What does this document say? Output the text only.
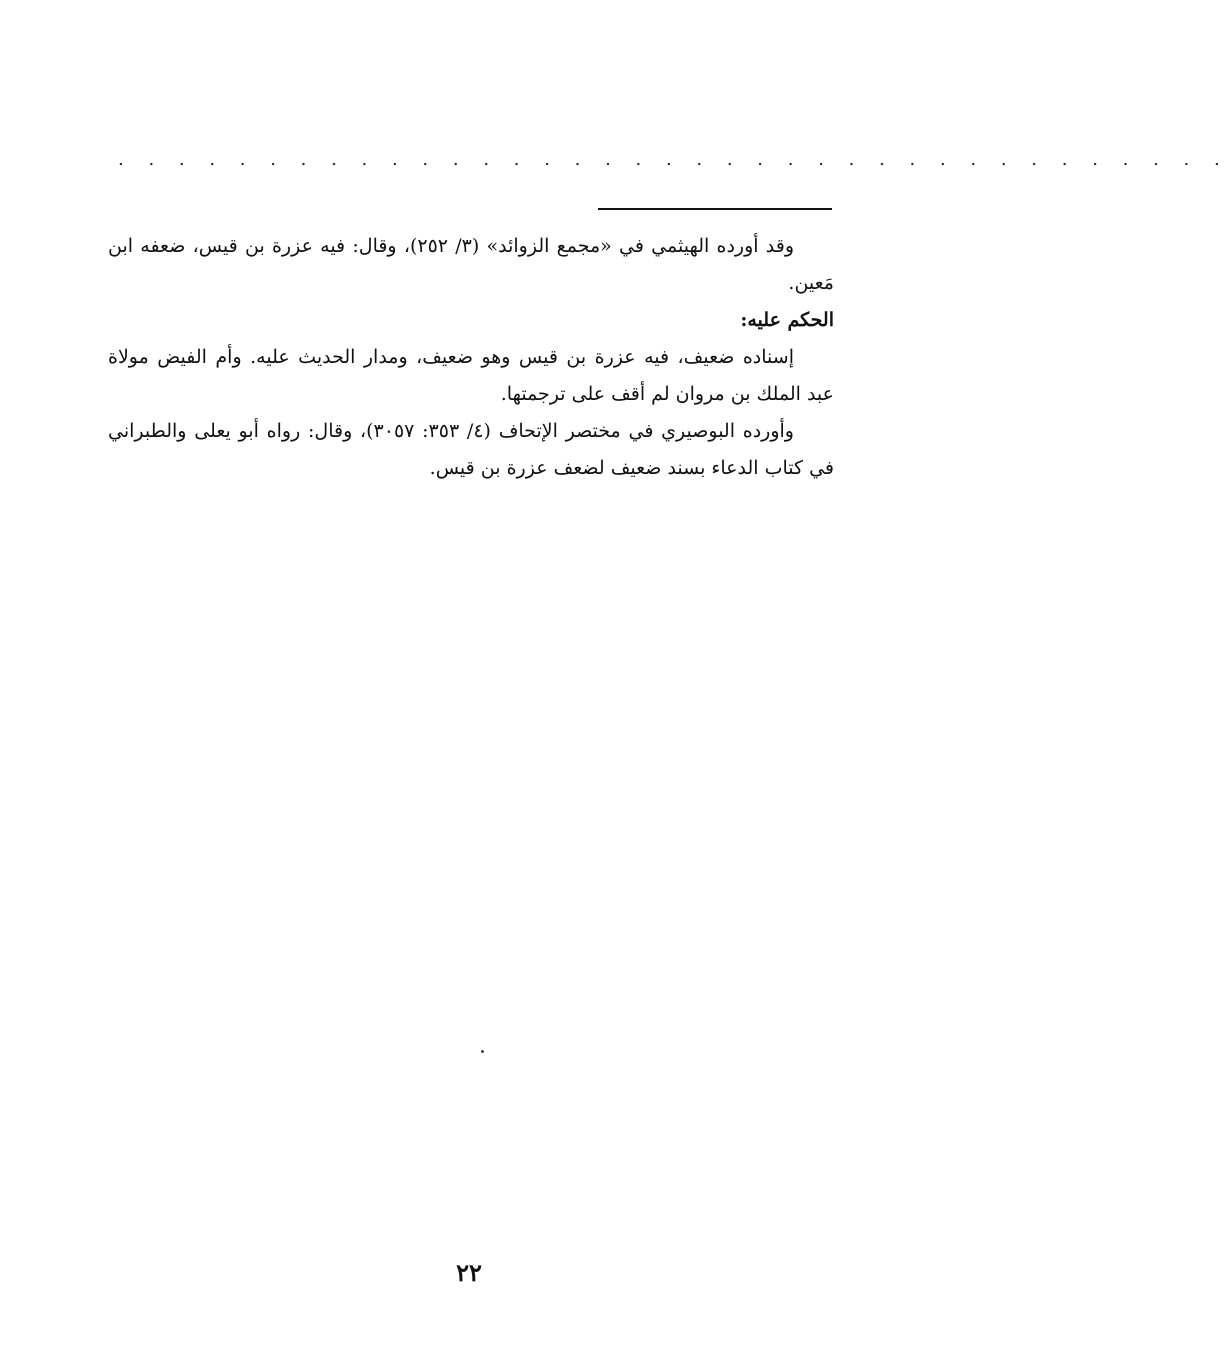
. . . . . . . . . . . . . . . . . . . . . . . . . . . . . . . . . . . . .

وقد أورده الهيثمي في «مجمع الزوائد» (٣/ ٢٥٢)، وقال: فيه عزرة بن قيس، ضعفه ابن مَعين.

الحكم عليه:

إسناده ضعيف، فيه عزرة بن قيس وهو ضعيف، ومدار الحديث عليه. وأم الفيض مولاة عبد الملك بن مروان لم أقف على ترجمتها.

وأورده البوصيري في مختصر الإتحاف (٤/ ٣٥٣: ٣٠٥٧)، وقال: رواه أبو يعلى والطبراني في كتاب الدعاء بسند ضعيف لضعف عزرة بن قيس.

٢٢
